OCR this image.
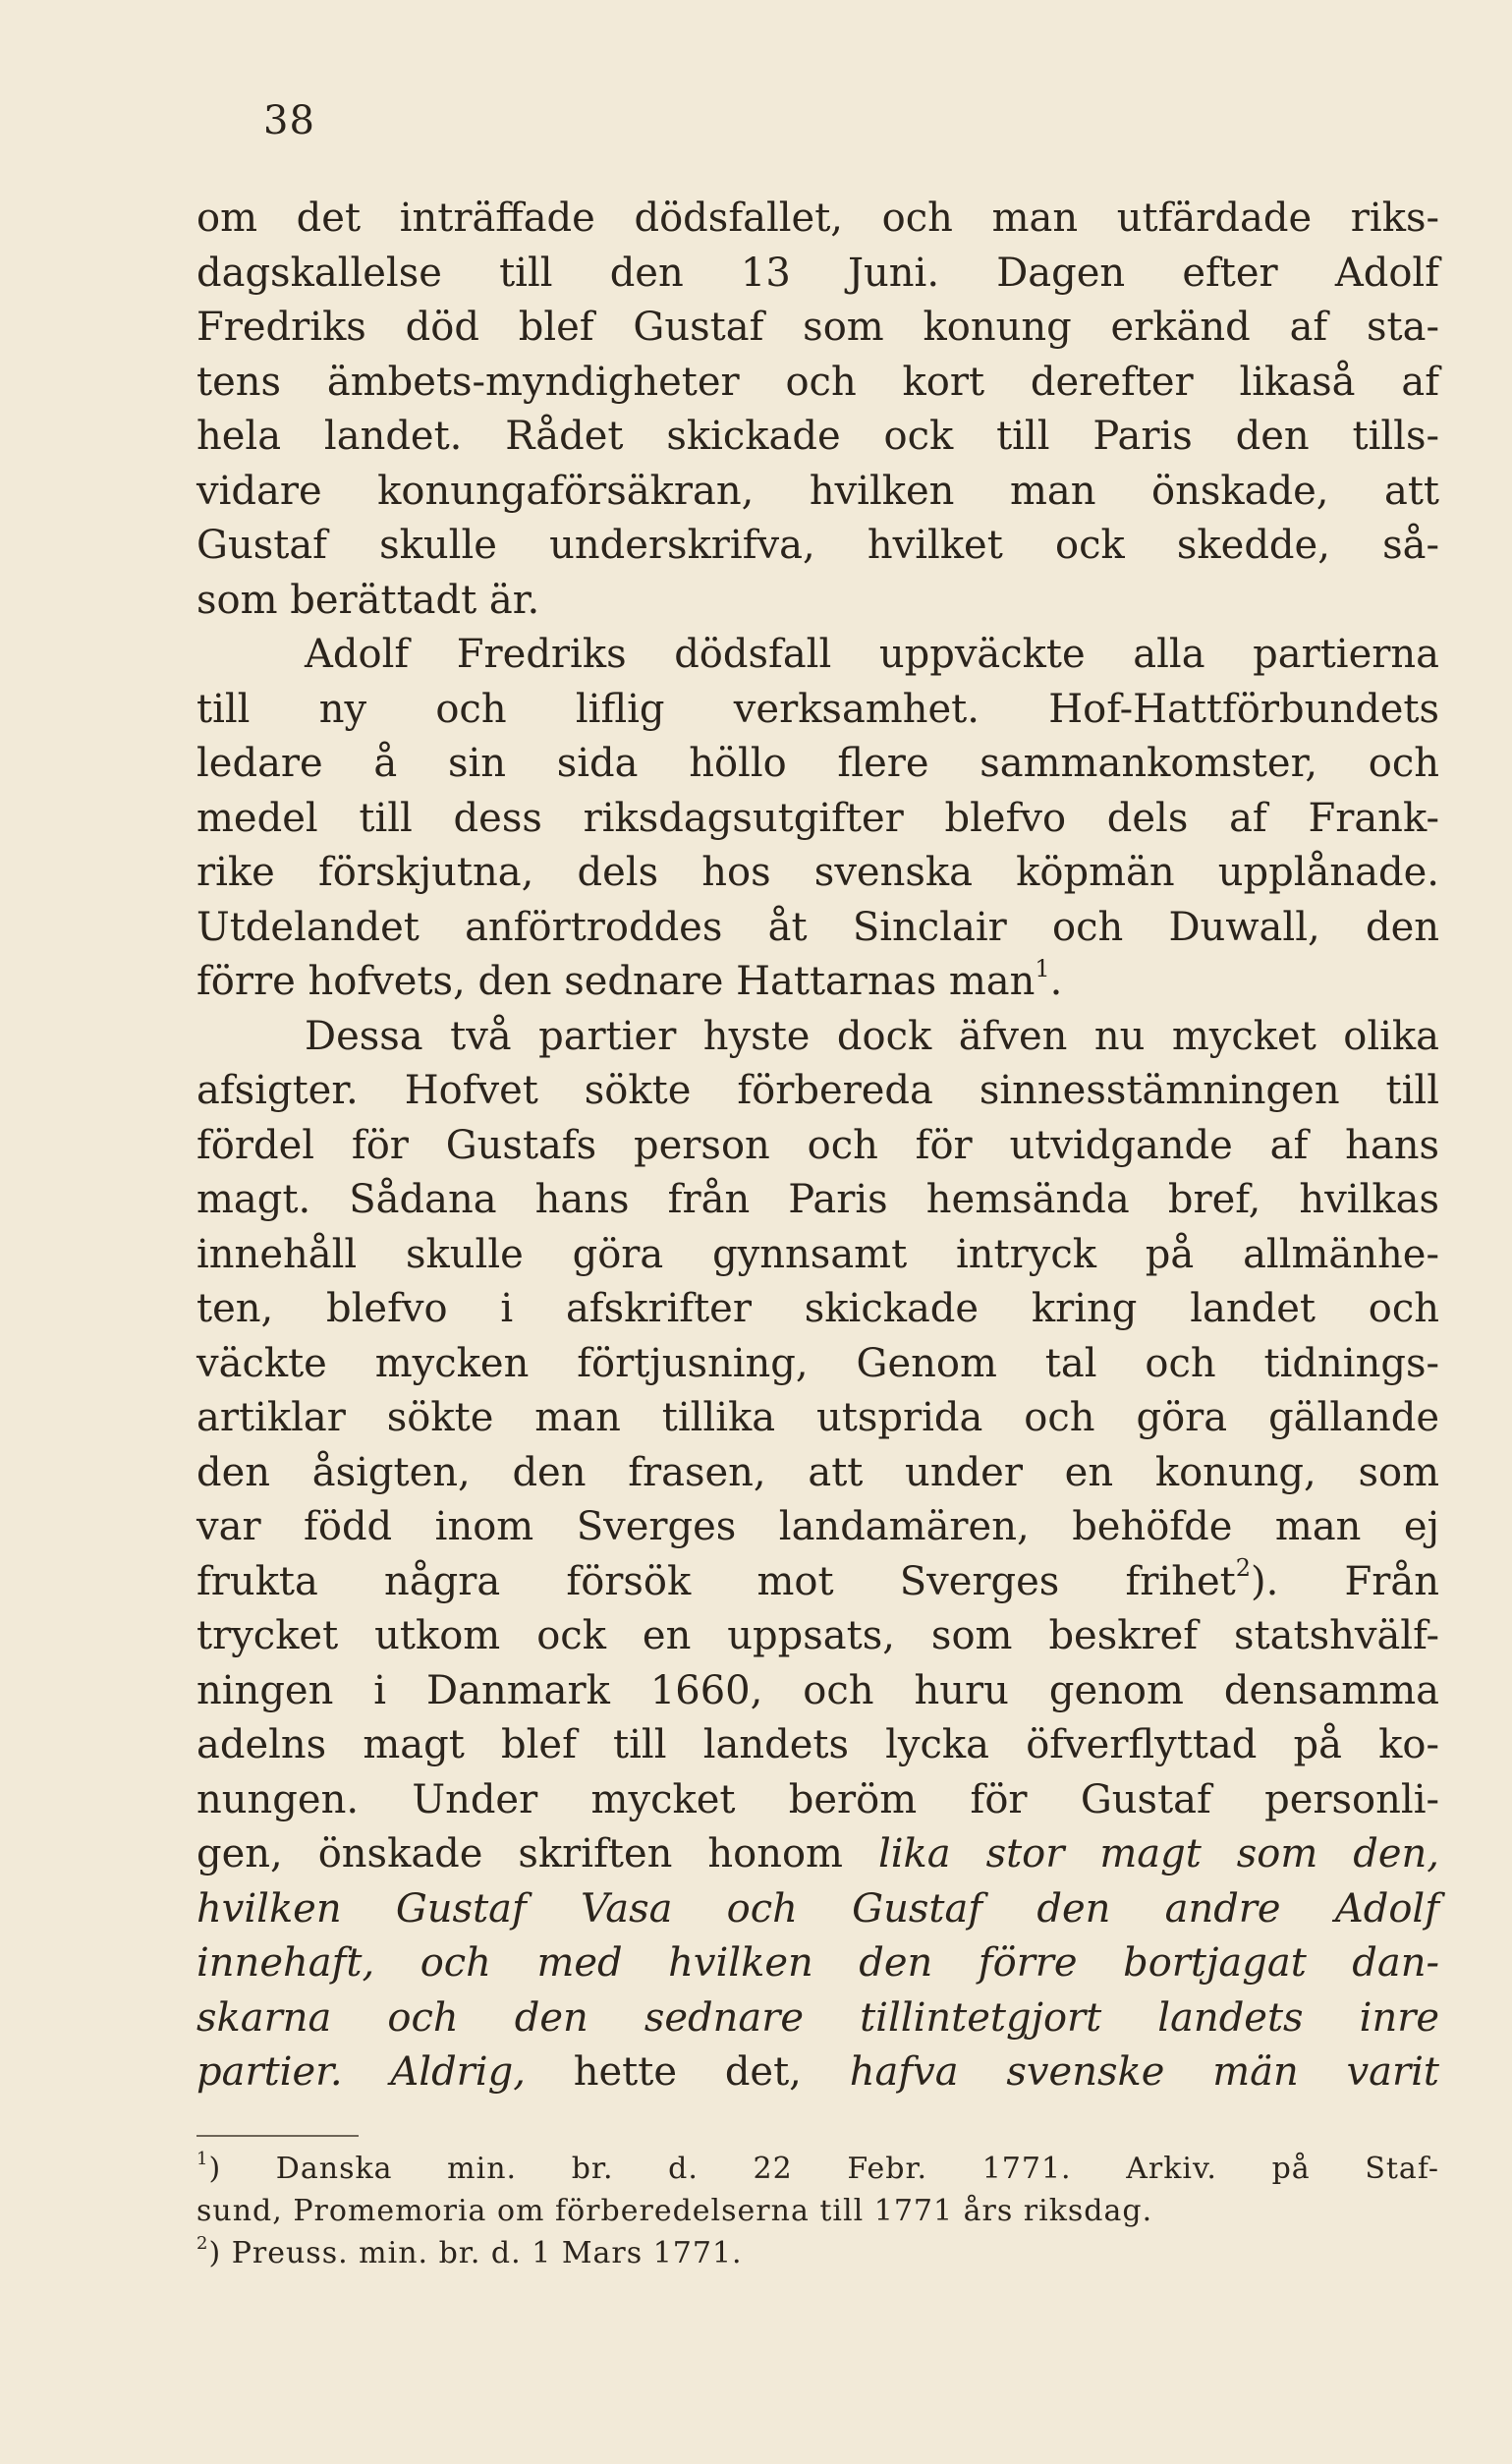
38
om det inträffade dödsfallet, och man utfärdade riks-
dagskallelse till den 13 Juni. Dagen efter Adolf
Fredriks död blef Gustaf som konung erkänd af sta-
tens ämbets-myndigheter och kort derefter likaså af
hela landet. Rådet skickade ock till Paris den tills-
vidare konungaförsäkran, hvilken man önskade, att
Gustaf skulle underskrifva, hvilket ock skedde, så-
som berättadt är.
Adolf Fredriks dödsfall uppväckte alla partierna
till ny och liflig verksamhet. Hof-Hattförbundets
ledare å sin sida höllo flere sammankomster, och
medel till dess riksdagsutgifter blefvo dels af Frank-
rike förskjutna, dels hos svenska köpmän upplånade.
Utdelandet anförtroddes åt Sinclair och Duwall, den
förre hofvets, den sednare Hattarnas man$^1$.
Dessa två partier hyste dock äfven nu mycket olika
afsigter. Hofvet sökte förbereda sinnesstämningen till
fördel för Gustafs person och för utvidgande af hans
magt. Sådana hans från Paris hemsända bref, hvilkas
innehåll skulle göra gynnsamt intryck på allmänhe-
ten, blefvo i afskrifter skickade kring landet och
väckte mycken förtjusning, Genom tal och tidnings-
artiklar sökte man tillika utsprida och göra gällande
den åsigten, den frasen, att under en konung, som
var född inom Sverges landamären, behöfde man ej
frukta några försök mot Sverges frihet$^2$). Från
trycket utkom ock en uppsats, som beskref statshvälf-
ningen i Danmark 1660, och huru genom densamma
adelns magt blef till landets lycka öfverflyttad på ko-
nungen. Under mycket beröm för Gustaf personli-
gen, önskade skriften honom lika stor magt som den,
hvilken Gustaf Vasa och Gustaf den andre Adolf
innehaft, och med hvilken den förre bortjagat dan-
skarna och den sednare tillintetgjort landets inre
partier. Aldrig, hette det, hafva svenske män varit
$^1$) Danska min. br. d. 22 Febr. 1771. Arkiv. på Staf-
sund, Promemoria om förberedelserna till 1771 års riksdag.
$^2$) Preuss. min. br. d. 1 Mars 1771.
